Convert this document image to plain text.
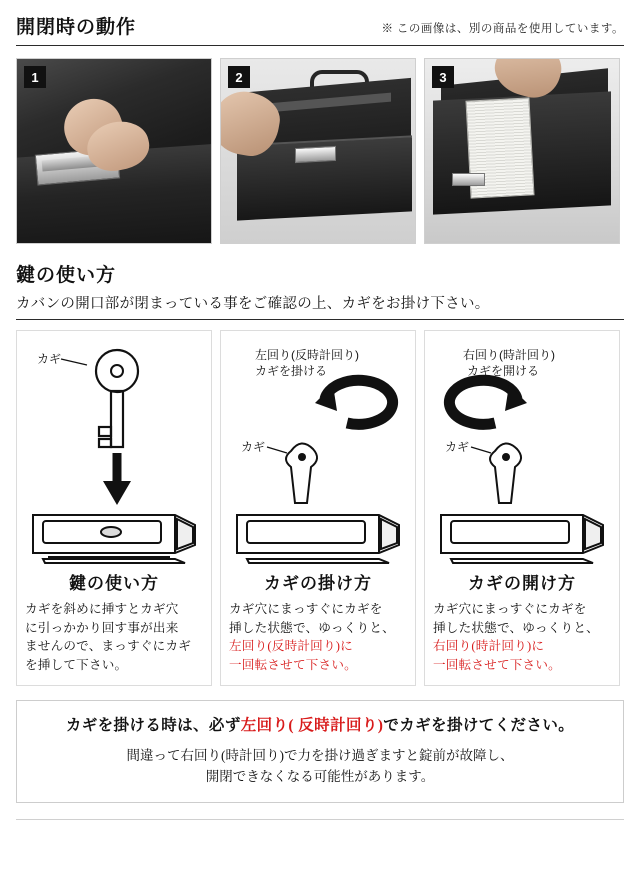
開閉時の動作	※ この画像は、別の商品を使用しています。
1	2	3
鍵の使い方
カバンの開口部が閉まっている事をご確認の上、カギをお掛け下さい。
カギ
鍵の使い方
カギを斜めに挿すとカギ穴
に引っかかり回す事が出来
ませんので、まっすぐにカギ
を挿して下さい。
左回り(反時計回り)
カギを掛ける
カギ
カギの掛け方
カギ穴にまっすぐにカギを
挿した状態で、ゆっくりと、
左回り(反時計回り)に
一回転させて下さい。
右回り(時計回り)
カギを開ける
カギ
カギの開け方
カギ穴にまっすぐにカギを
挿した状態で、ゆっくりと、
右回り(時計回り)に
一回転させて下さい。
カギを掛ける時は、必ず左回り( 反時計回り)でカギを掛けてください。
間違って右回り(時計回り)で力を掛け過ぎますと錠前が故障し、
開閉できなくなる可能性があります。
